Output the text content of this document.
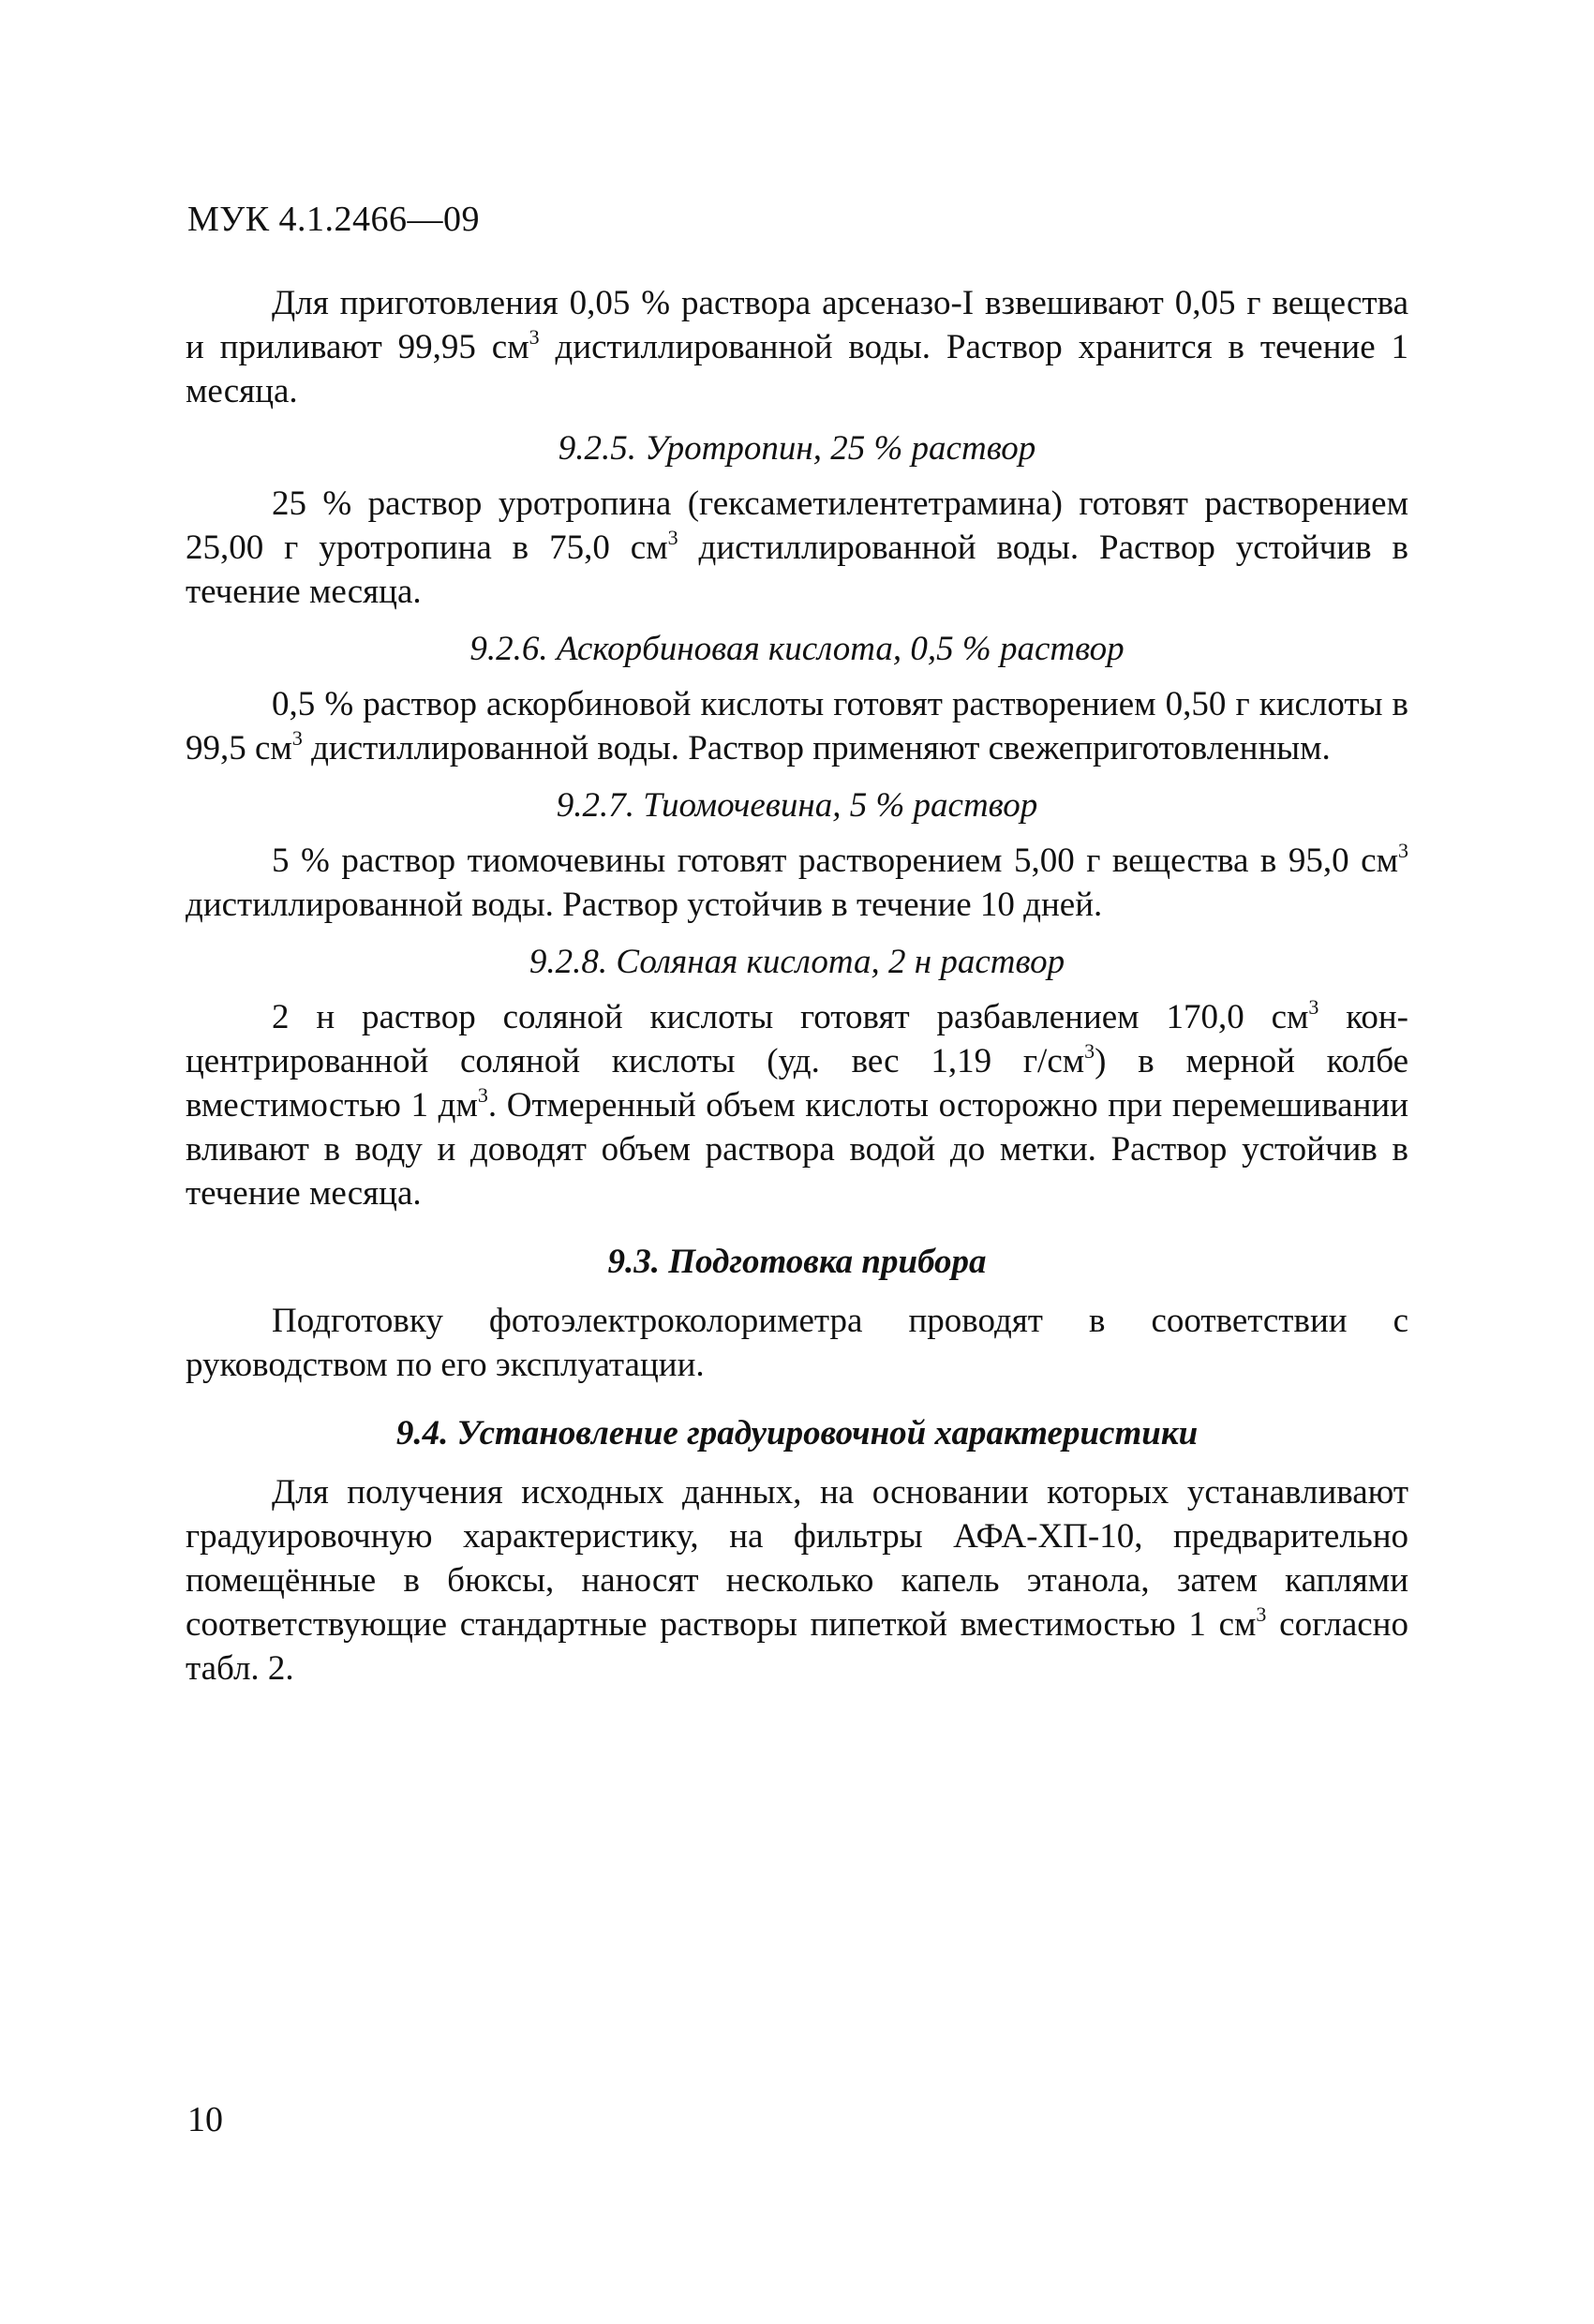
МУК 4.1.2466—09

Для приготовления 0,05 % раствора арсеназо-I взвешивают 0,05 г вещества и приливают 99,95 $см^3$ дистиллированной воды. Раствор хранится в течение 1 месяца.

9.2.5. Уротропин, 25 % раствор

25 % раствор уротропина (гексаметилентетрамина) готовят растворением 25,00 г уротропина в 75,0 $см^3$ дистиллированной воды. Раствор устойчив в течение месяца.

9.2.6. Аскорбиновая кислота, 0,5 % раствор

0,5 % раствор аскорбиновой кислоты готовят растворением 0,50 г кислоты в 99,5 $см^3$ дистиллированной воды. Раствор применяют свежеприготовленным.

9.2.7. Тиомочевина, 5 % раствор

5 % раствор тиомочевины готовят растворением 5,00 г вещества в 95,0 $см^3$ дистиллированной воды. Раствор устойчив в течение 10 дней.

9.2.8. Соляная кислота, 2 н раствор

2 н раствор соляной кислоты готовят разбавлением 170,0 $см^3$ концентрированной соляной кислоты (уд. вес 1,19 $г/см^3$) в мерной колбе вместимостью 1 $дм^3$. Отмеренный объем кислоты осторожно при перемешивании вливают в воду и доводят объем раствора водой до метки. Раствор устойчив в течение месяца.

9.3. Подготовка прибора

Подготовку фотоэлектроколориметра проводят в соответствии с руководством по его эксплуатации.

9.4. Установление градуировочной характеристики

Для получения исходных данных, на основании которых устанавливают градуировочную характеристику, на фильтры АФА-ХП-10, предварительно помещённые в бюксы, наносят несколько капель этанола, затем каплями соответствующие стандартные растворы пипеткой вместимостью 1 $см^3$ согласно табл. 2.

10
